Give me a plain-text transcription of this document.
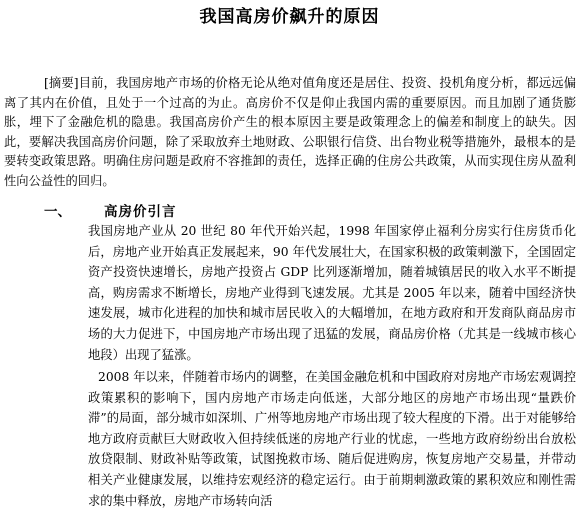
我国高房价飙升的原因

[摘要]目前，我国房地产市场的价格无论从绝对值角度还是居住、投资、投机角度分析，都远远偏离了其内在价值，且处于一个过高的为止。高房价不仅是仰止我国内需的重要原因。而且加剧了通货膨胀，埋下了金融危机的隐患。我国高房价产生的根本原因主要是政策理念上的偏差和制度上的缺失。因此，要解决我国高房价问题，除了采取放弃土地财政、公职银行信贷、出台物业税等措施外，最根本的是要转变政策思路。明确住房问题是政府不容推卸的责任，选择正确的住房公共政策，从而实现住房从盈利性向公益性的回归。

一、 高房价引言

我国房地产业从 20 世纪 80 年代开始兴起，1998 年国家停止福利分房实行住房货币化后，房地产业开始真正发展起来，90 年代发展壮大，在国家积极的政策刺激下，全国固定资产投资快速增长，房地产投资占 GDP 比列逐渐增加，随着城镇居民的收入水平不断提高，购房需求不断增长，房地产业得到飞速发展。尤其是 2005 年以来，随着中国经济快速发展，城市化进程的加快和城市居民收入的大幅增加，在地方政府和开发商队商品房市场的大力促进下，中国房地产市场出现了迅猛的发展，商品房价格（尤其是一线城市核心地段）出现了猛涨。

2008 年以来，伴随着市场内的调整，在美国金融危机和中国政府对房地产市场宏观调控政策累积的影响下，国内房地产市场走向低迷，大部分地区的房地产市场出现“量跌价滞”的局面，部分城市如深圳、广州等地房地产市场出现了较大程度的下滑。出于对能够给地方政府贡献巨大财政收入但持续低迷的房地产行业的忧虑，一些地方政府纷纷出台放松放贷限制、财政补贴等政策，试图挽救市场、随后促进购房，恢复房地产交易量，并带动相关产业健康发展，以维持宏观经济的稳定运行。由于前期刺激政策的累积效应和刚性需求的集中释放，房地产市场转向活
